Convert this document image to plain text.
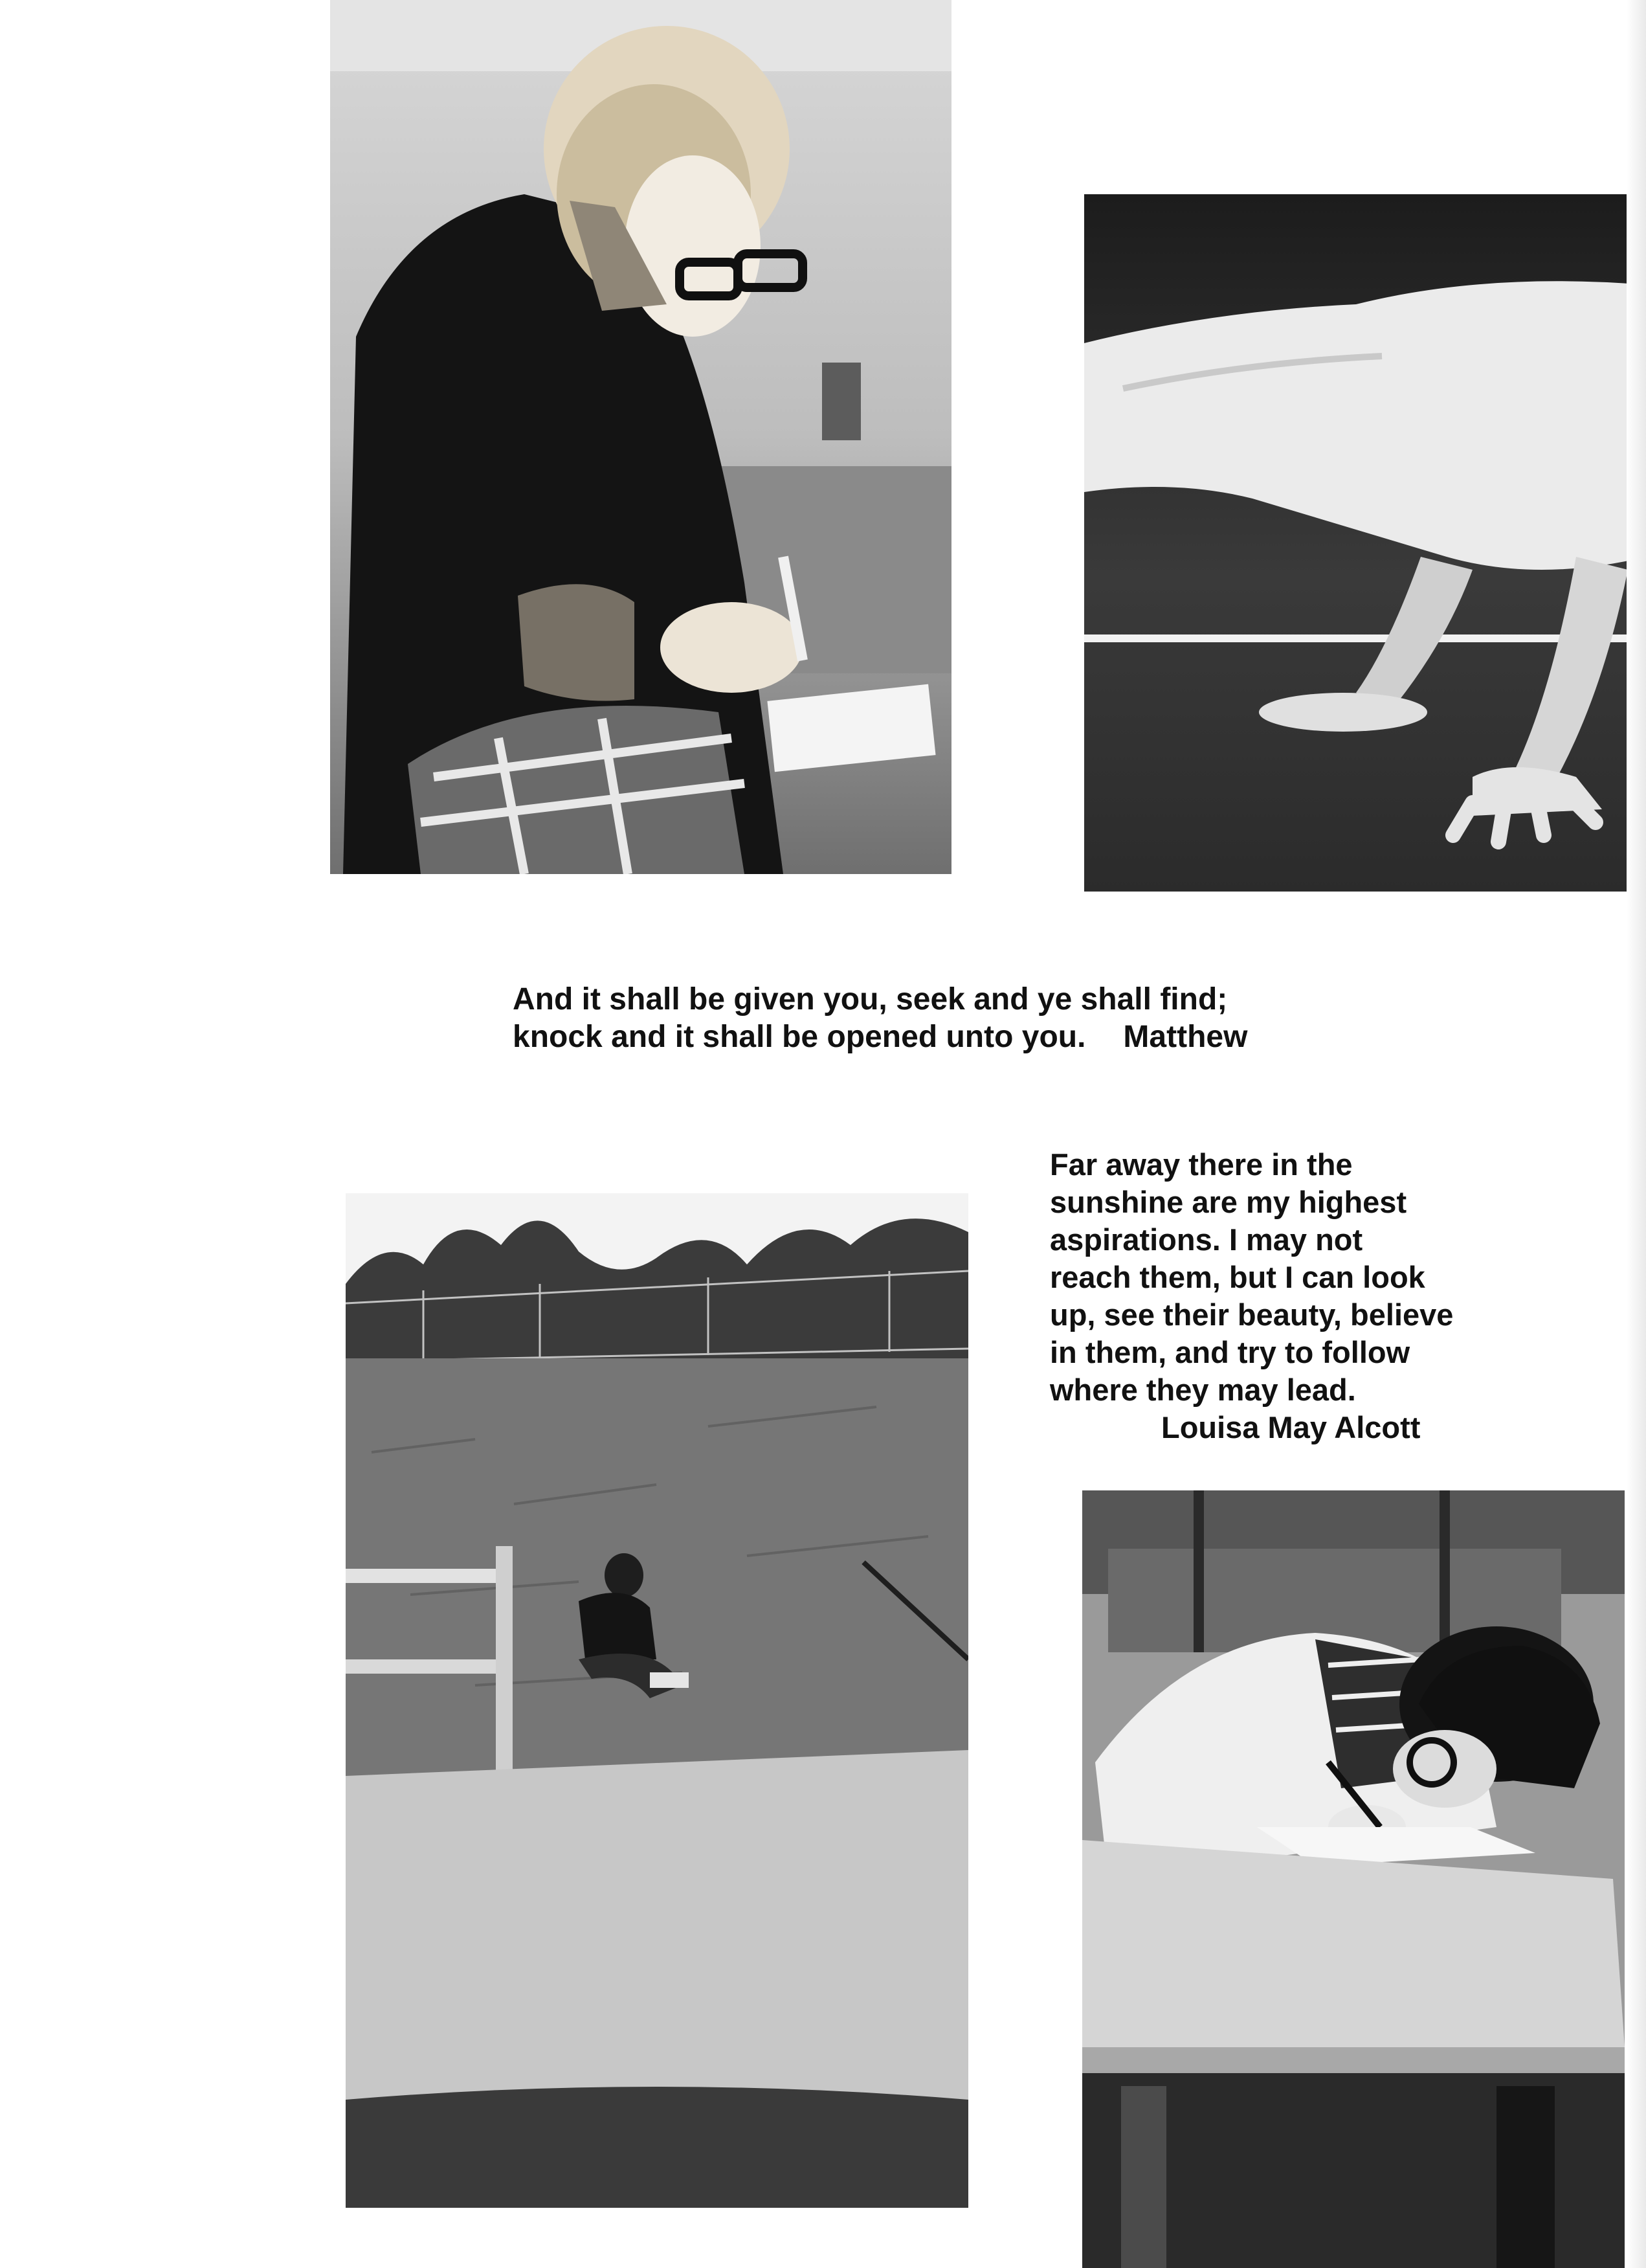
And it shall be given you, seek and ye shall find;
knock and it shall be opened unto you. Matthew
Far away there in the
sunshine are my highest
aspirations. I may not
reach them, but I can look
up, see their beauty, believe
in them, and try to follow
where they may lead.
Louisa May Alcott
